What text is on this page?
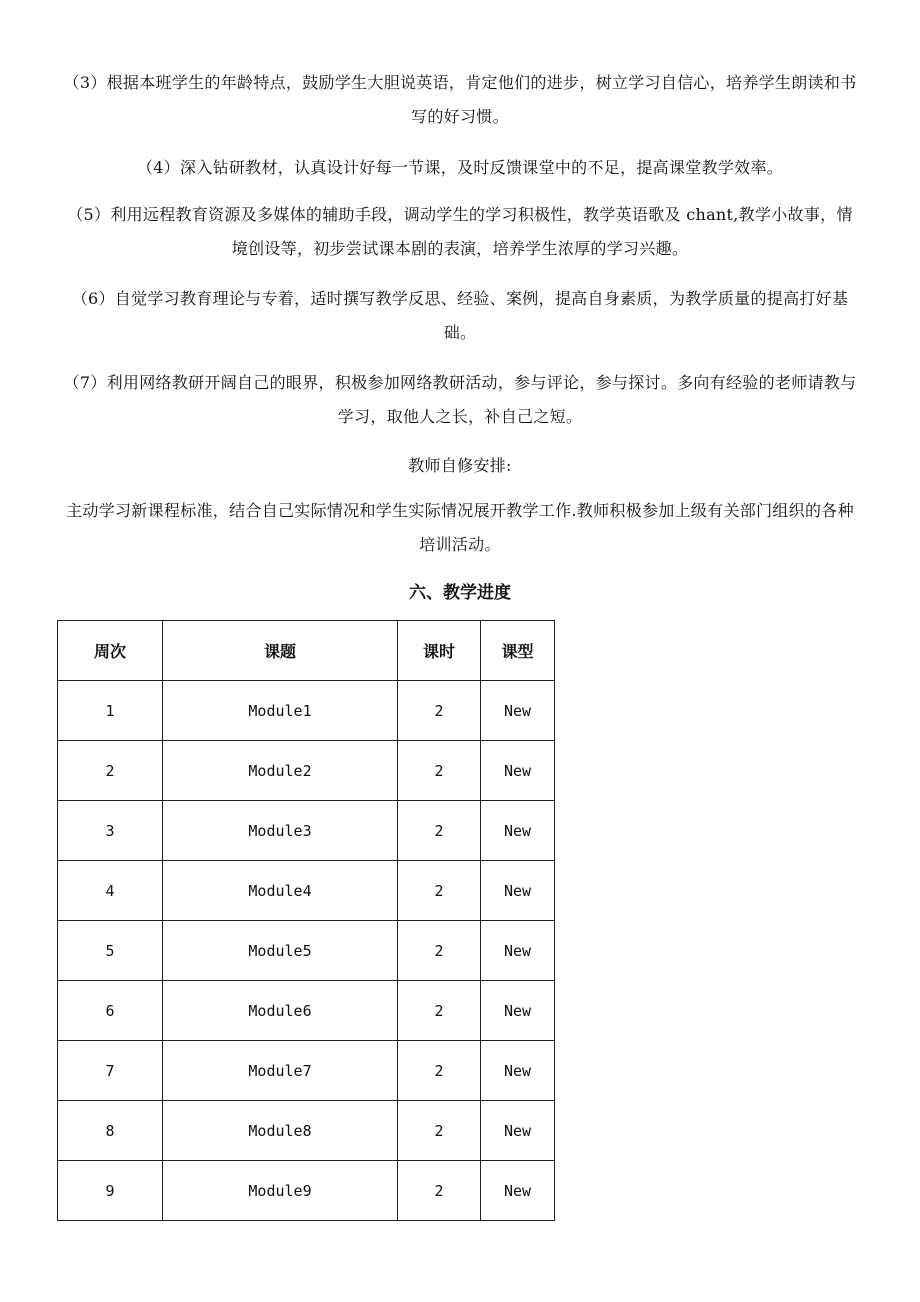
（3）根据本班学生的年龄特点，鼓励学生大胆说英语，肯定他们的进步，树立学习自信心，培养学生朗读和书写的好习惯。

（4）深入钻研教材，认真设计好每一节课，及时反馈课堂中的不足，提高课堂教学效率。

（5）利用远程教育资源及多媒体的辅助手段，调动学生的学习积极性，教学英语歌及 chant,教学小故事，情境创设等，初步尝试课本剧的表演，培养学生浓厚的学习兴趣。

（6）自觉学习教育理论与专着，适时撰写教学反思、经验、案例，提高自身素质，为教学质量的提高打好基础。

（7）利用网络教研开阔自己的眼界，积极参加网络教研活动，参与评论，参与探讨。多向有经验的老师请教与学习，取他人之长，补自己之短。

教师自修安排:

主动学习新课程标准，结合自己实际情况和学生实际情况展开教学工作.教师积极参加上级有关部门组织的各种培训活动。

六、教学进度
周次	课题	课时	课型
1	Module1	2	New
2	Module2	2	New
3	Module3	2	New
4	Module4	2	New
5	Module5	2	New
6	Module6	2	New
7	Module7	2	New
8	Module8	2	New
9	Module9	2	New
